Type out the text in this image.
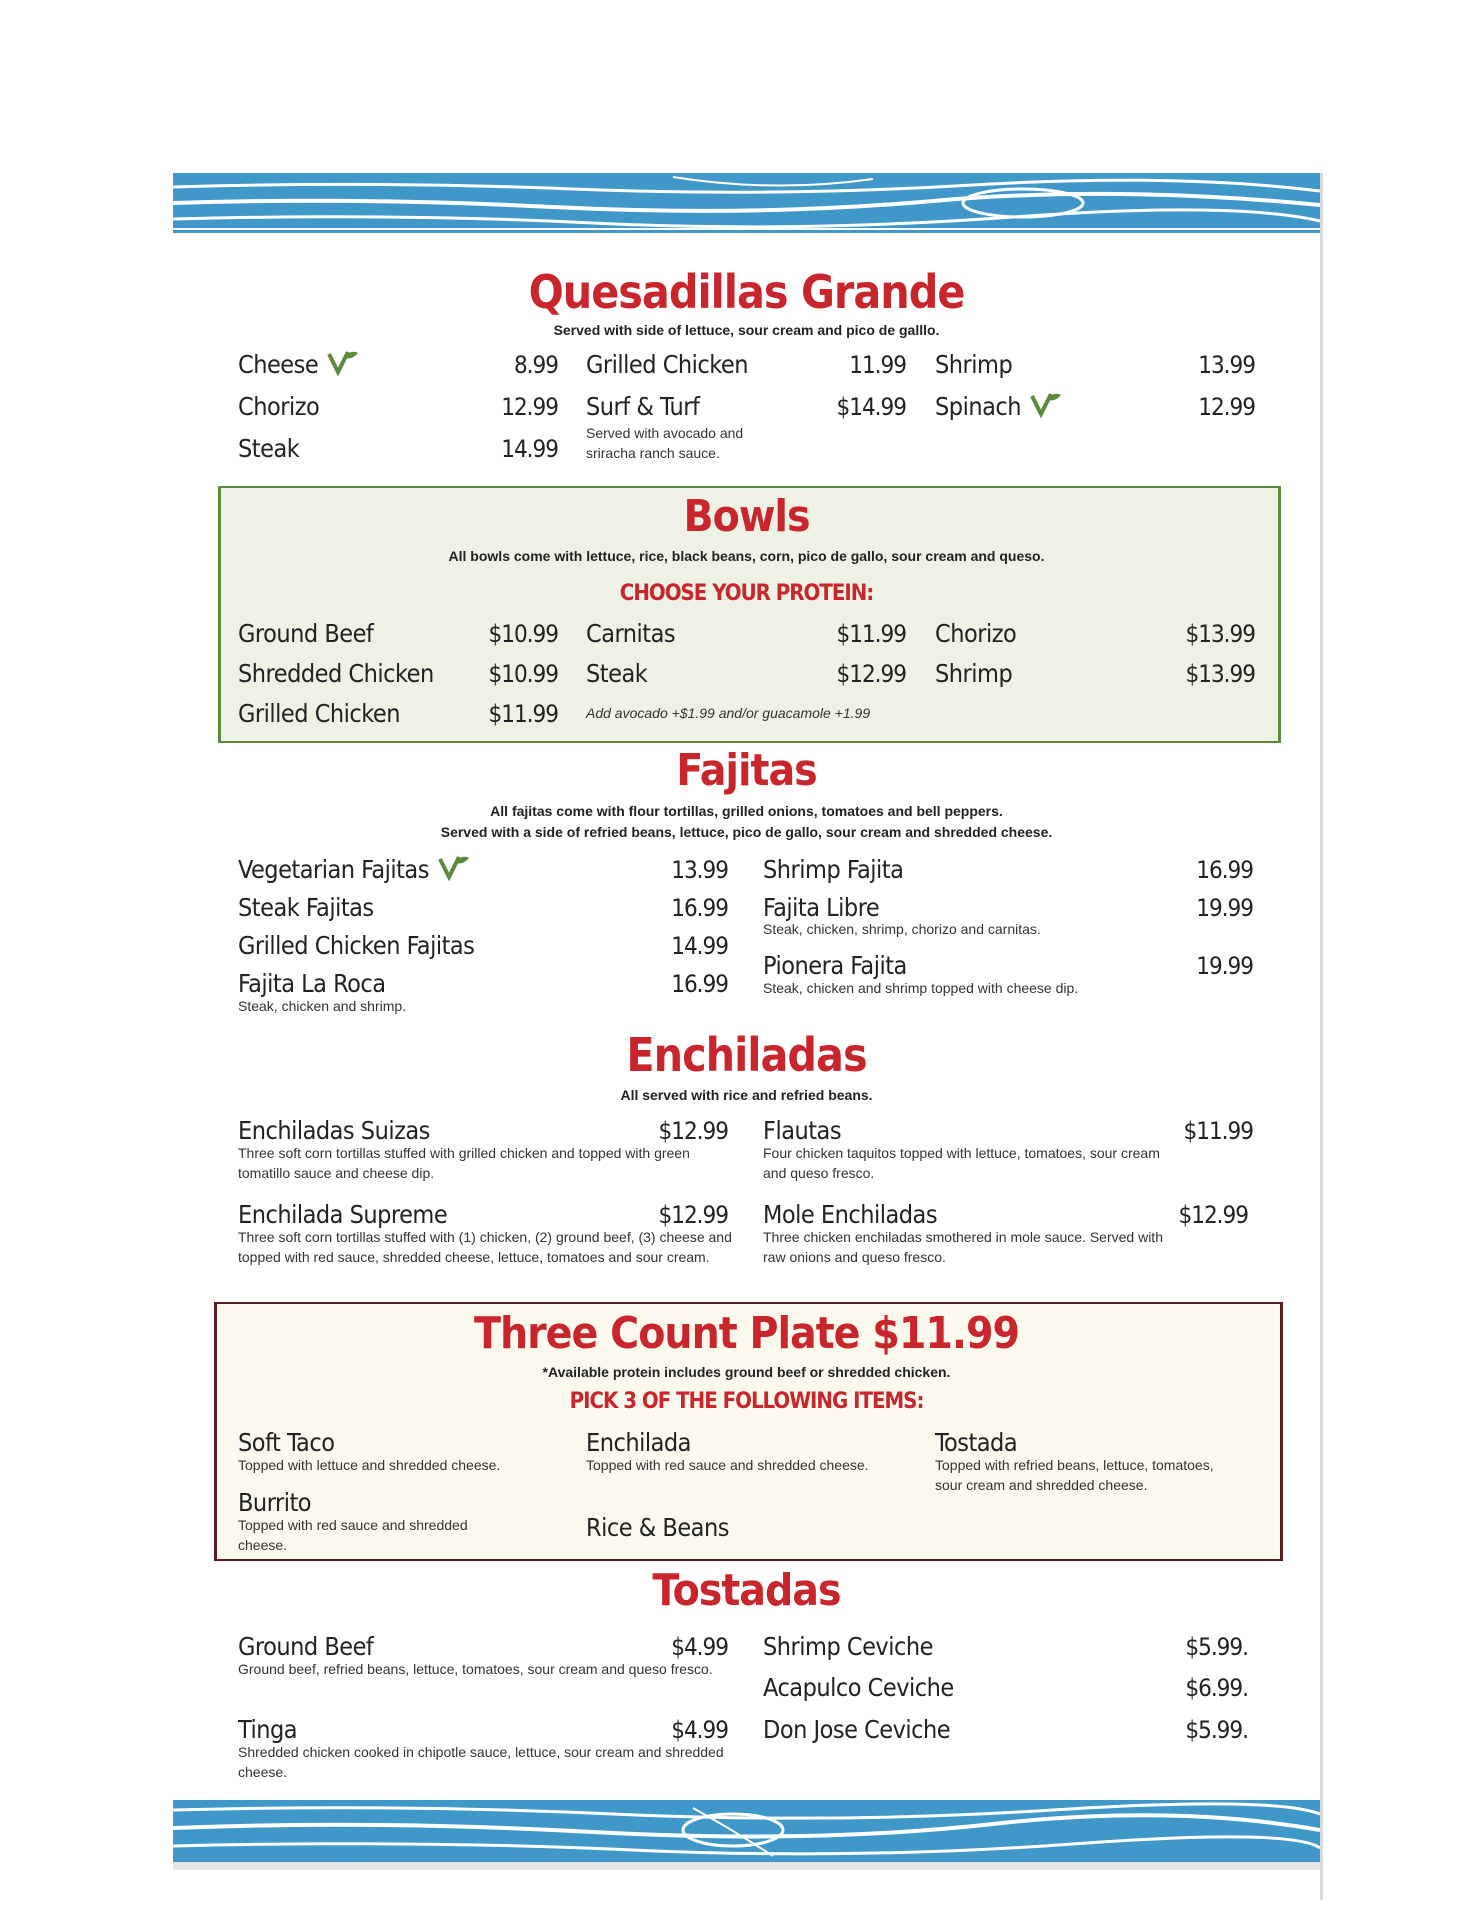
Quesadillas Grande
Served with side of lettuce, sour cream and pico de galllo.
Cheese	8.99
Chorizo	12.99
Steak	14.99
Grilled Chicken	11.99
Surf & Turf	$14.99
Served with avocado and sriracha ranch sauce.
Shrimp	13.99
Spinach	12.99
Bowls
All bowls come with lettuce, rice, black beans, corn, pico de gallo, sour cream and queso.
CHOOSE YOUR PROTEIN:
Ground Beef	$10.99
Shredded Chicken $10.99
Grilled Chicken	$11.99
Carnitas	$11.99
Steak	$12.99
Add avocado +$1.99 and/or guacamole +1.99
Chorizo	$13.99
Shrimp	$13.99
Fajitas
All fajitas come with flour tortillas, grilled onions, tomatoes and bell peppers.
Served with a side of refried beans, lettuce, pico de gallo, sour cream and shredded cheese.
Vegetarian Fajitas	13.99
Steak Fajitas	16.99
Grilled Chicken Fajitas	14.99
Fajita La Roca	16.99
Steak, chicken and shrimp.
Shrimp Fajita	16.99
Fajita Libre	19.99
Steak, chicken, shrimp, chorizo and carnitas.
Pionera Fajita	19.99
Steak, chicken and shrimp topped with cheese dip.
Enchiladas
All served with rice and refried beans.
Enchiladas Suizas	$12.99
Three soft corn tortillas stuffed with grilled chicken and topped with green tomatillo sauce and cheese dip.
Flautas	$11.99
Four chicken taquitos topped with lettuce, tomatoes, sour cream and queso fresco.
Enchilada Supreme	$12.99
Three soft corn tortillas stuffed with (1) chicken, (2) ground beef, (3) cheese and topped with red sauce, shredded cheese, lettuce, tomatoes and sour cream.
Mole Enchiladas	$12.99
Three chicken enchiladas smothered in mole sauce. Served with raw onions and queso fresco.
Three Count Plate $11.99
*Available protein includes ground beef or shredded chicken.
PICK 3 OF THE FOLLOWING ITEMS:
Soft Taco
Topped with lettuce and shredded cheese.
Burrito
Topped with red sauce and shredded cheese.
Enchilada
Topped with red sauce and shredded cheese.
Rice & Beans
Tostada
Topped with refried beans, lettuce, tomatoes, sour cream and shredded cheese.
Tostadas
Ground Beef	$4.99
Ground beef, refried beans, lettuce, tomatoes, sour cream and queso fresco.
Tinga	$4.99
Shredded chicken cooked in chipotle sauce, lettuce, sour cream and shredded cheese.
Shrimp Ceviche	$5.99.
Acapulco Ceviche	$6.99.
Don Jose Ceviche	$5.99.
